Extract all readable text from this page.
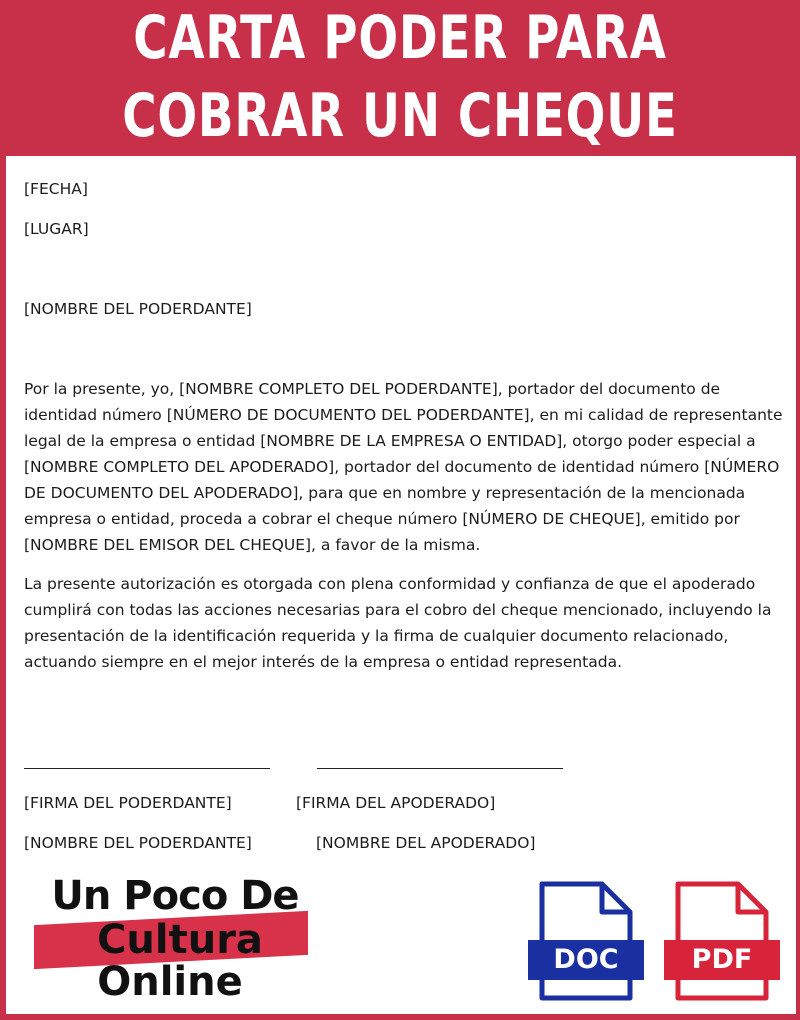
CARTA PODER PARA
COBRAR UN CHEQUE

[FECHA]

[LUGAR]

[NOMBRE DEL PODERDANTE]

Por la presente, yo, [NOMBRE COMPLETO DEL PODERDANTE], portador del documento de identidad número [NÚMERO DE DOCUMENTO DEL PODERDANTE], en mi calidad de representante legal de la empresa o entidad [NOMBRE DE LA EMPRESA O ENTIDAD], otorgo poder especial a [NOMBRE COMPLETO DEL APODERADO], portador del documento de identidad número [NÚMERO DE DOCUMENTO DEL APODERADO], para que en nombre y representación de la mencionada empresa o entidad, proceda a cobrar el cheque número [NÚMERO DE CHEQUE], emitido por [NOMBRE DEL EMISOR DEL CHEQUE], a favor de la misma.

La presente autorización es otorgada con plena conformidad y confianza de que el apoderado cumplirá con todas las acciones necesarias para el cobro del cheque mencionado, incluyendo la presentación de la identificación requerida y la firma de cualquier documento relacionado, actuando siempre en el mejor interés de la empresa o entidad representada.

[FIRMA DEL PODERDANTE]	[FIRMA DEL APODERADO]
[NOMBRE DEL PODERDANTE]	[NOMBRE DEL APODERADO]
Un Poco De
Cultura
Online	DOC	PDF
